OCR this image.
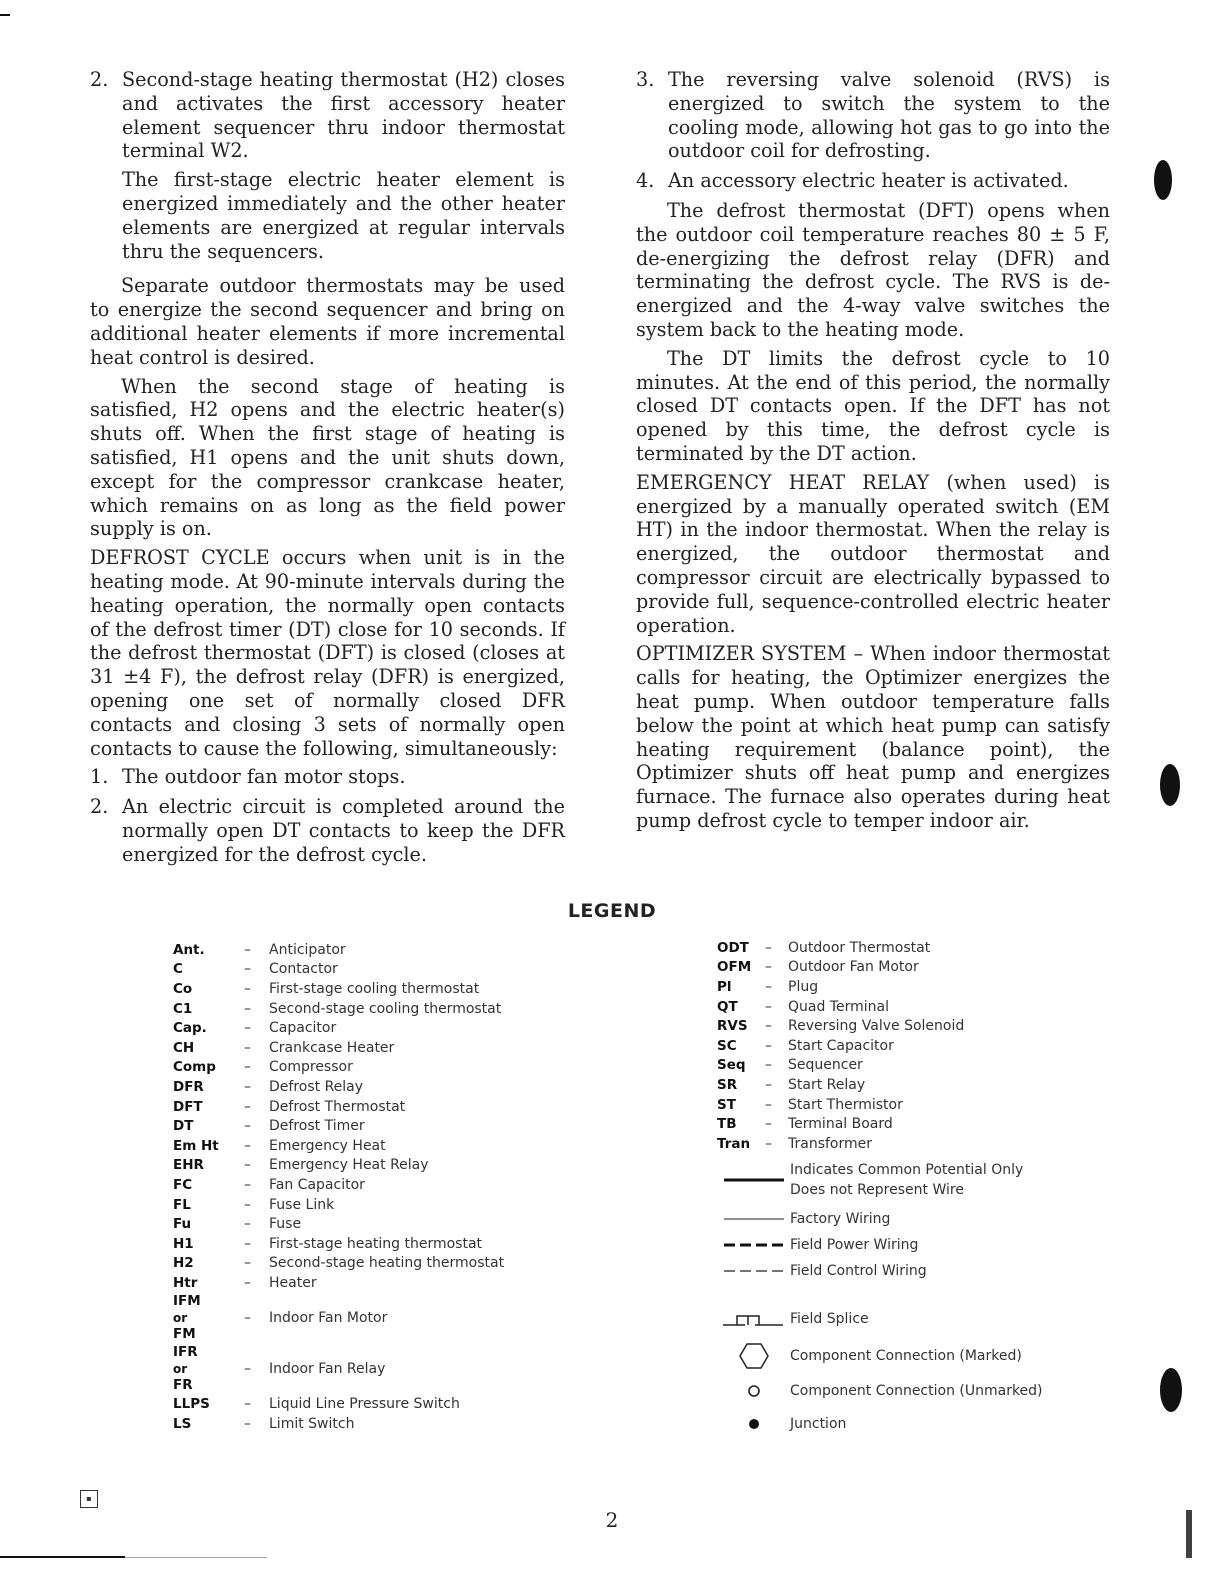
2. Second-stage heating thermostat (H2) closes and activates the first accessory heater element sequencer thru indoor thermostat terminal W2.

The first-stage electric heater element is energized immediately and the other heater elements are energized at regular intervals thru the sequencers.

Separate outdoor thermostats may be used to energize the second sequencer and bring on additional heater elements if more incremental heat control is desired.

When the second stage of heating is satisfied, H2 opens and the electric heater(s) shuts off. When the first stage of heating is satisfied, H1 opens and the unit shuts down, except for the compressor crankcase heater, which remains on as long as the field power supply is on.

DEFROST CYCLE occurs when unit is in the heating mode. At 90-minute intervals during the heating operation, the normally open contacts of the defrost timer (DT) close for 10 seconds. If the defrost thermostat (DFT) is closed (closes at 31 ±4 F), the defrost relay (DFR) is energized, opening one set of normally closed DFR contacts and closing 3 sets of normally open contacts to cause the following, simultaneously:

1. The outdoor fan motor stops.
2. An electric circuit is completed around the normally open DT contacts to keep the DFR energized for the defrost cycle.
3. The reversing valve solenoid (RVS) is energized to switch the system to the cooling mode, allowing hot gas to go into the outdoor coil for defrosting.
4. An accessory electric heater is activated.

The defrost thermostat (DFT) opens when the outdoor coil temperature reaches 80 ± 5 F, de-energizing the defrost relay (DFR) and terminating the defrost cycle. The RVS is de-energized and the 4-way valve switches the system back to the heating mode.

The DT limits the defrost cycle to 10 minutes. At the end of this period, the normally closed DT contacts open. If the DFT has not opened by this time, the defrost cycle is terminated by the DT action.

EMERGENCY HEAT RELAY (when used) is energized by a manually operated switch (EM HT) in the indoor thermostat. When the relay is energized, the outdoor thermostat and compressor circuit are electrically bypassed to provide full, sequence-controlled electric heater operation.

OPTIMIZER SYSTEM – When indoor thermostat calls for heating, the Optimizer energizes the heat pump. When outdoor temperature falls below the point at which heat pump can satisfy heating requirement (balance point), the Optimizer shuts off heat pump and energizes furnace. The furnace also operates during heat pump defrost cycle to temper indoor air.

LEGEND
Ant.	–	Anticipator
C	–	Contactor
Co	–	First-stage cooling thermostat
C1	–	Second-stage cooling thermostat
Cap.	–	Capacitor
CH	–	Crankcase Heater
Comp	–	Compressor
DFR	–	Defrost Relay
DFT	–	Defrost Thermostat
DT	–	Defrost Timer
Em Ht	–	Emergency Heat
EHR	–	Emergency Heat Relay
FC	–	Fan Capacitor
FL	–	Fuse Link
Fu	–	Fuse
H1	–	First-stage heating thermostat
H2	–	Second-stage heating thermostat
Htr	–	Heater
IFM
or
FM
–	Indoor Fan Motor
IFR
or
FR
–	Indoor Fan Relay
LLPS	–	Liquid Line Pressure Switch
LS	–	Limit Switch
ODT	–	Outdoor Thermostat
OFM –	Outdoor Fan Motor
Pl	–	Plug
QT	–	Quad Terminal
RVS	–	Reversing Valve Solenoid
SC	–	Start Capacitor
Seq	–	Sequencer
SR	–	Start Relay
ST	–	Start Thermistor
TB	–	Terminal Board
Tran	–	Transformer
Indicates Common Potential Only
Does not Represent Wire
Factory Wiring
Field Power Wiring
Field Control Wiring
Field Splice
Component Connection (Marked)
Component Connection (Unmarked)
Junction
▪
2
